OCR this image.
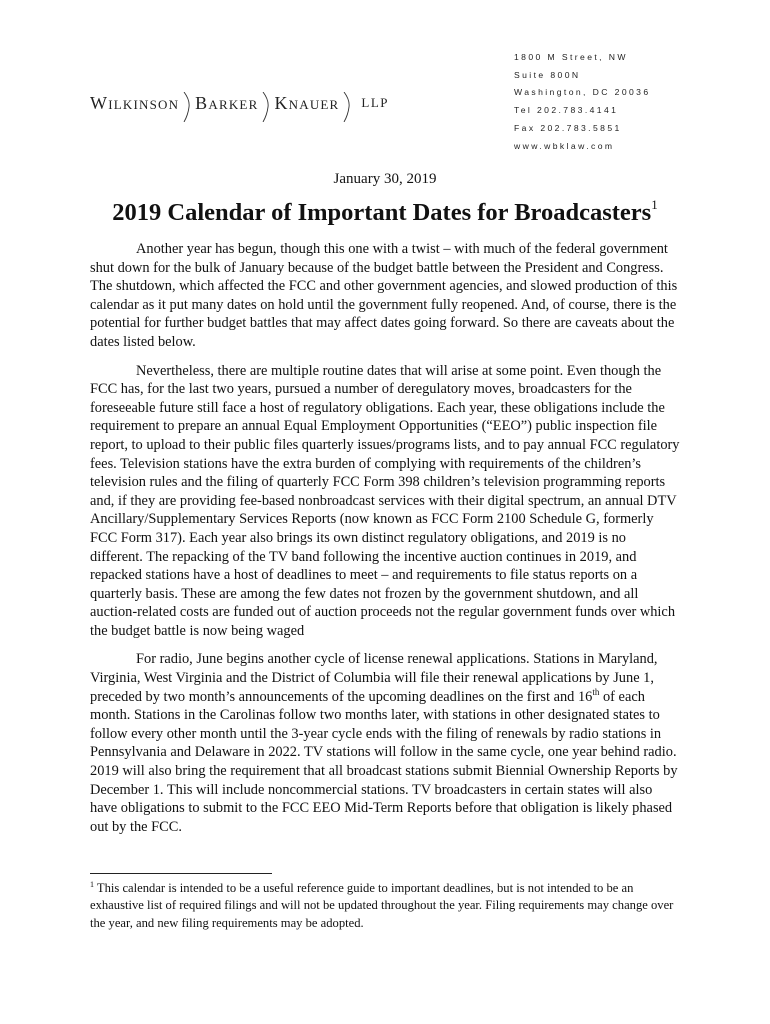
Wilkinson Barker Knauer LLP
1800 M Street, NW
Suite 800N
Washington, DC 20036
Tel 202.783.4141
Fax 202.783.5851
www.wbklaw.com
January 30, 2019
2019 Calendar of Important Dates for Broadcasters$^1$

Another year has begun, though this one with a twist – with much of the federal government shut down for the bulk of January because of the budget battle between the President and Congress. The shutdown, which affected the FCC and other government agencies, and slowed production of this calendar as it put many dates on hold until the government fully reopened. And, of course, there is the potential for further budget battles that may affect dates going forward. So there are caveats about the dates listed below.

Nevertheless, there are multiple routine dates that will arise at some point. Even though the FCC has, for the last two years, pursued a number of deregulatory moves, broadcasters for the foreseeable future still face a host of regulatory obligations. Each year, these obligations include the requirement to prepare an annual Equal Employment Opportunities (“EEO”) public inspection file report, to upload to their public files quarterly issues/programs lists, and to pay annual FCC regulatory fees. Television stations have the extra burden of complying with requirements of the children’s television rules and the filing of quarterly FCC Form 398 children’s television programming reports and, if they are providing fee-based nonbroadcast services with their digital spectrum, an annual DTV Ancillary/Supplementary Services Reports (now known as FCC Form 2100 Schedule G, formerly FCC Form 317). Each year also brings its own distinct regulatory obligations, and 2019 is no different. The repacking of the TV band following the incentive auction continues in 2019, and repacked stations have a host of deadlines to meet – and requirements to file status reports on a quarterly basis. These are among the few dates not frozen by the government shutdown, and all auction-related costs are funded out of auction proceeds not the regular government funds over which the budget battle is now being waged

For radio, June begins another cycle of license renewal applications. Stations in Maryland, Virginia, West Virginia and the District of Columbia will file their renewal applications by June 1, preceded by two month’s announcements of the upcoming deadlines on the first and 16th of each month. Stations in the Carolinas follow two months later, with stations in other designated states to follow every other month until the 3-year cycle ends with the filing of renewals by radio stations in Pennsylvania and Delaware in 2022. TV stations will follow in the same cycle, one year behind radio. 2019 will also bring the requirement that all broadcast stations submit Biennial Ownership Reports by December 1. This will include noncommercial stations. TV broadcasters in certain states will also have obligations to submit to the FCC EEO Mid-Term Reports before that obligation is likely phased out by the FCC.

$^1$ This calendar is intended to be a useful reference guide to important deadlines, but is not intended to be an exhaustive list of required filings and will not be updated throughout the year. Filing requirements may change over the year, and new filing requirements may be adopted.
